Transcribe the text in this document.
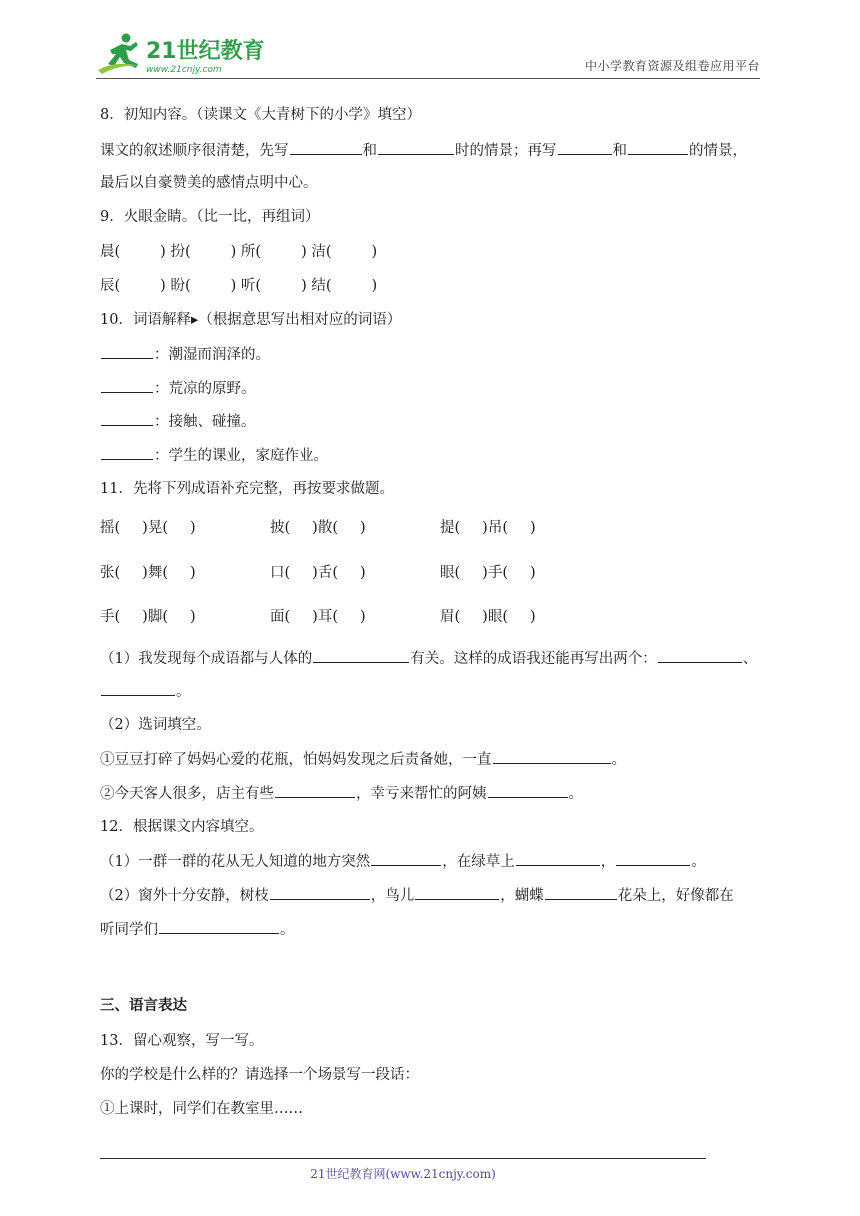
21世纪教育
www.21cnjy.com	中小学教育资源及组卷应用平台
8．初知内容。（读课文《大青树下的小学》填空）
课文的叙述顺序很清楚，先写	和	时的情景；再写	和	的情景，
最后以自豪赞美的感情点明中心。
9．火眼金睛。（比一比，再组词）
晨(	) 扮(	) 所(	) 洁(	)
辰(	) 盼(	) 听(	) 结(	)
10．词语解释▸（根据意思写出相对应的词语）
：潮湿而润泽的。
：荒凉的原野。
：接触、碰撞。
：学生的课业，家庭作业。
11．先将下列成语补充完整，再按要求做题。
摇( )晃( )	披( )散( )	提( )吊( )
张( )舞( )	口( )舌( )	眼( )手( )
手( )脚( )	面( )耳( )	眉( )眼( )
（1）我发现每个成语都与人体的	有关。这样的成语我还能再写出两个：	、
。
（2）选词填空。
①豆豆打碎了妈妈心爱的花瓶，怕妈妈发现之后责备她，一直	。
②今天客人很多，店主有些	，幸亏来帮忙的阿姨	。
12．根据课文内容填空。
（1）一群一群的花从无人知道的地方突然	，在绿草上	，	。
（2）窗外十分安静，树枝	，鸟儿	，蝴蝶	花朵上，好像都在
听同学们	。
三、语言表达
13．留心观察，写一写。
你的学校是什么样的？请选择一个场景写一段话：
①上课时，同学们在教室里……
21世纪教育网(www.21cnjy.com)
